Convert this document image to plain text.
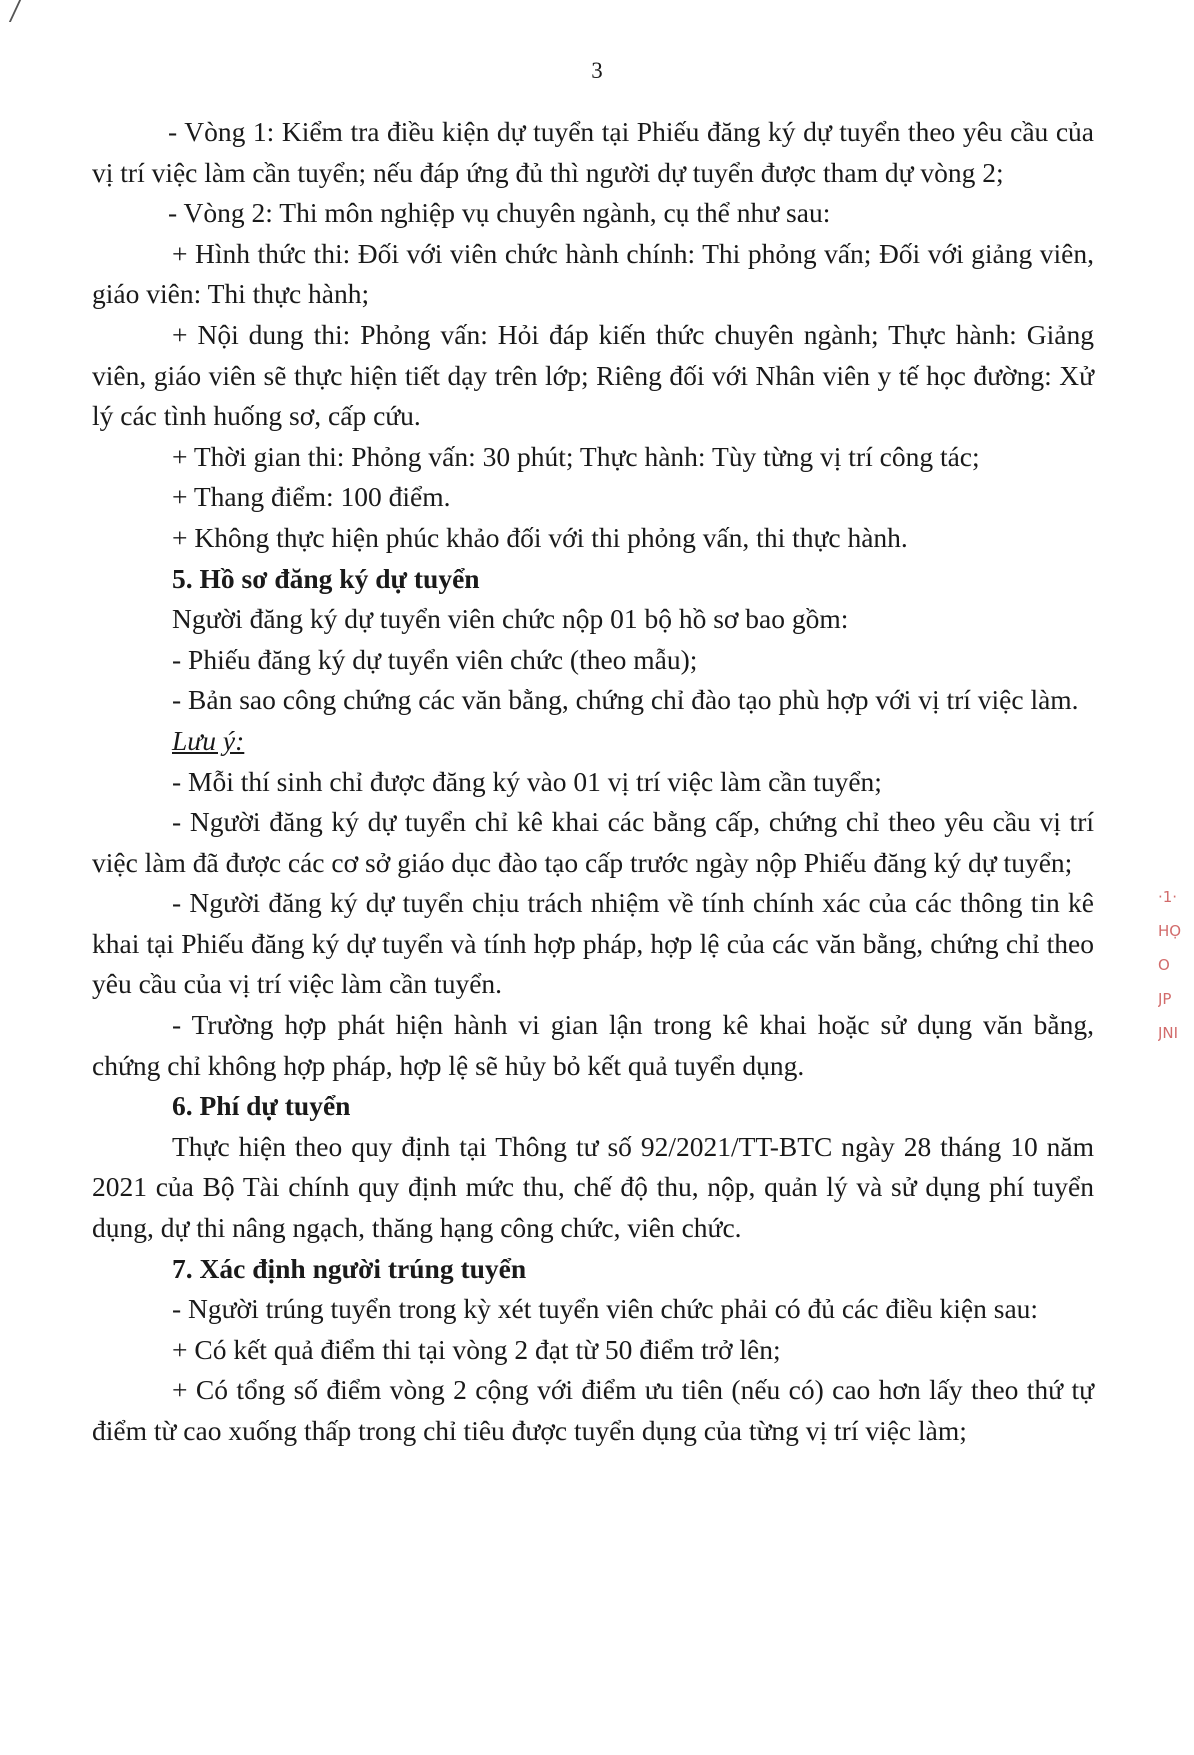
3

- Vòng 1: Kiểm tra điều kiện dự tuyển tại Phiếu đăng ký dự tuyển theo yêu cầu của vị trí việc làm cần tuyển; nếu đáp ứng đủ thì người dự tuyển được tham dự vòng 2;

- Vòng 2: Thi môn nghiệp vụ chuyên ngành, cụ thể như sau:

+ Hình thức thi: Đối với viên chức hành chính: Thi phỏng vấn; Đối với giảng viên, giáo viên: Thi thực hành;

+ Nội dung thi: Phỏng vấn: Hỏi đáp kiến thức chuyên ngành; Thực hành: Giảng viên, giáo viên sẽ thực hiện tiết dạy trên lớp; Riêng đối với Nhân viên y tế học đường: Xử lý các tình huống sơ, cấp cứu.

+ Thời gian thi: Phỏng vấn: 30 phút; Thực hành: Tùy từng vị trí công tác;

+ Thang điểm: 100 điểm.

+ Không thực hiện phúc khảo đối với thi phỏng vấn, thi thực hành.

5. Hồ sơ đăng ký dự tuyển

Người đăng ký dự tuyển viên chức nộp 01 bộ hồ sơ bao gồm:

- Phiếu đăng ký dự tuyển viên chức (theo mẫu);

- Bản sao công chứng các văn bằng, chứng chỉ đào tạo phù hợp với vị trí việc làm.

Lưu ý:

- Mỗi thí sinh chỉ được đăng ký vào 01 vị trí việc làm cần tuyển;

- Người đăng ký dự tuyển chỉ kê khai các bằng cấp, chứng chỉ theo yêu cầu vị trí việc làm đã được các cơ sở giáo dục đào tạo cấp trước ngày nộp Phiếu đăng ký dự tuyển;

- Người đăng ký dự tuyển chịu trách nhiệm về tính chính xác của các thông tin kê khai tại Phiếu đăng ký dự tuyển và tính hợp pháp, hợp lệ của các văn bằng, chứng chỉ theo yêu cầu của vị trí việc làm cần tuyển.

- Trường hợp phát hiện hành vi gian lận trong kê khai hoặc sử dụng văn bằng, chứng chỉ không hợp pháp, hợp lệ sẽ hủy bỏ kết quả tuyển dụng.

6. Phí dự tuyển

Thực hiện theo quy định tại Thông tư số 92/2021/TT-BTC ngày 28 tháng 10 năm 2021 của Bộ Tài chính quy định mức thu, chế độ thu, nộp, quản lý và sử dụng phí tuyển dụng, dự thi nâng ngạch, thăng hạng công chức, viên chức.

7. Xác định người trúng tuyển

- Người trúng tuyển trong kỳ xét tuyển viên chức phải có đủ các điều kiện sau:

+ Có kết quả điểm thi tại vòng 2 đạt từ 50 điểm trở lên;

+ Có tổng số điểm vòng 2 cộng với điểm ưu tiên (nếu có) cao hơn lấy theo thứ tự điểm từ cao xuống thấp trong chỉ tiêu được tuyển dụng của từng vị trí việc làm;

·1·
HỌ
O
JP
JNI
